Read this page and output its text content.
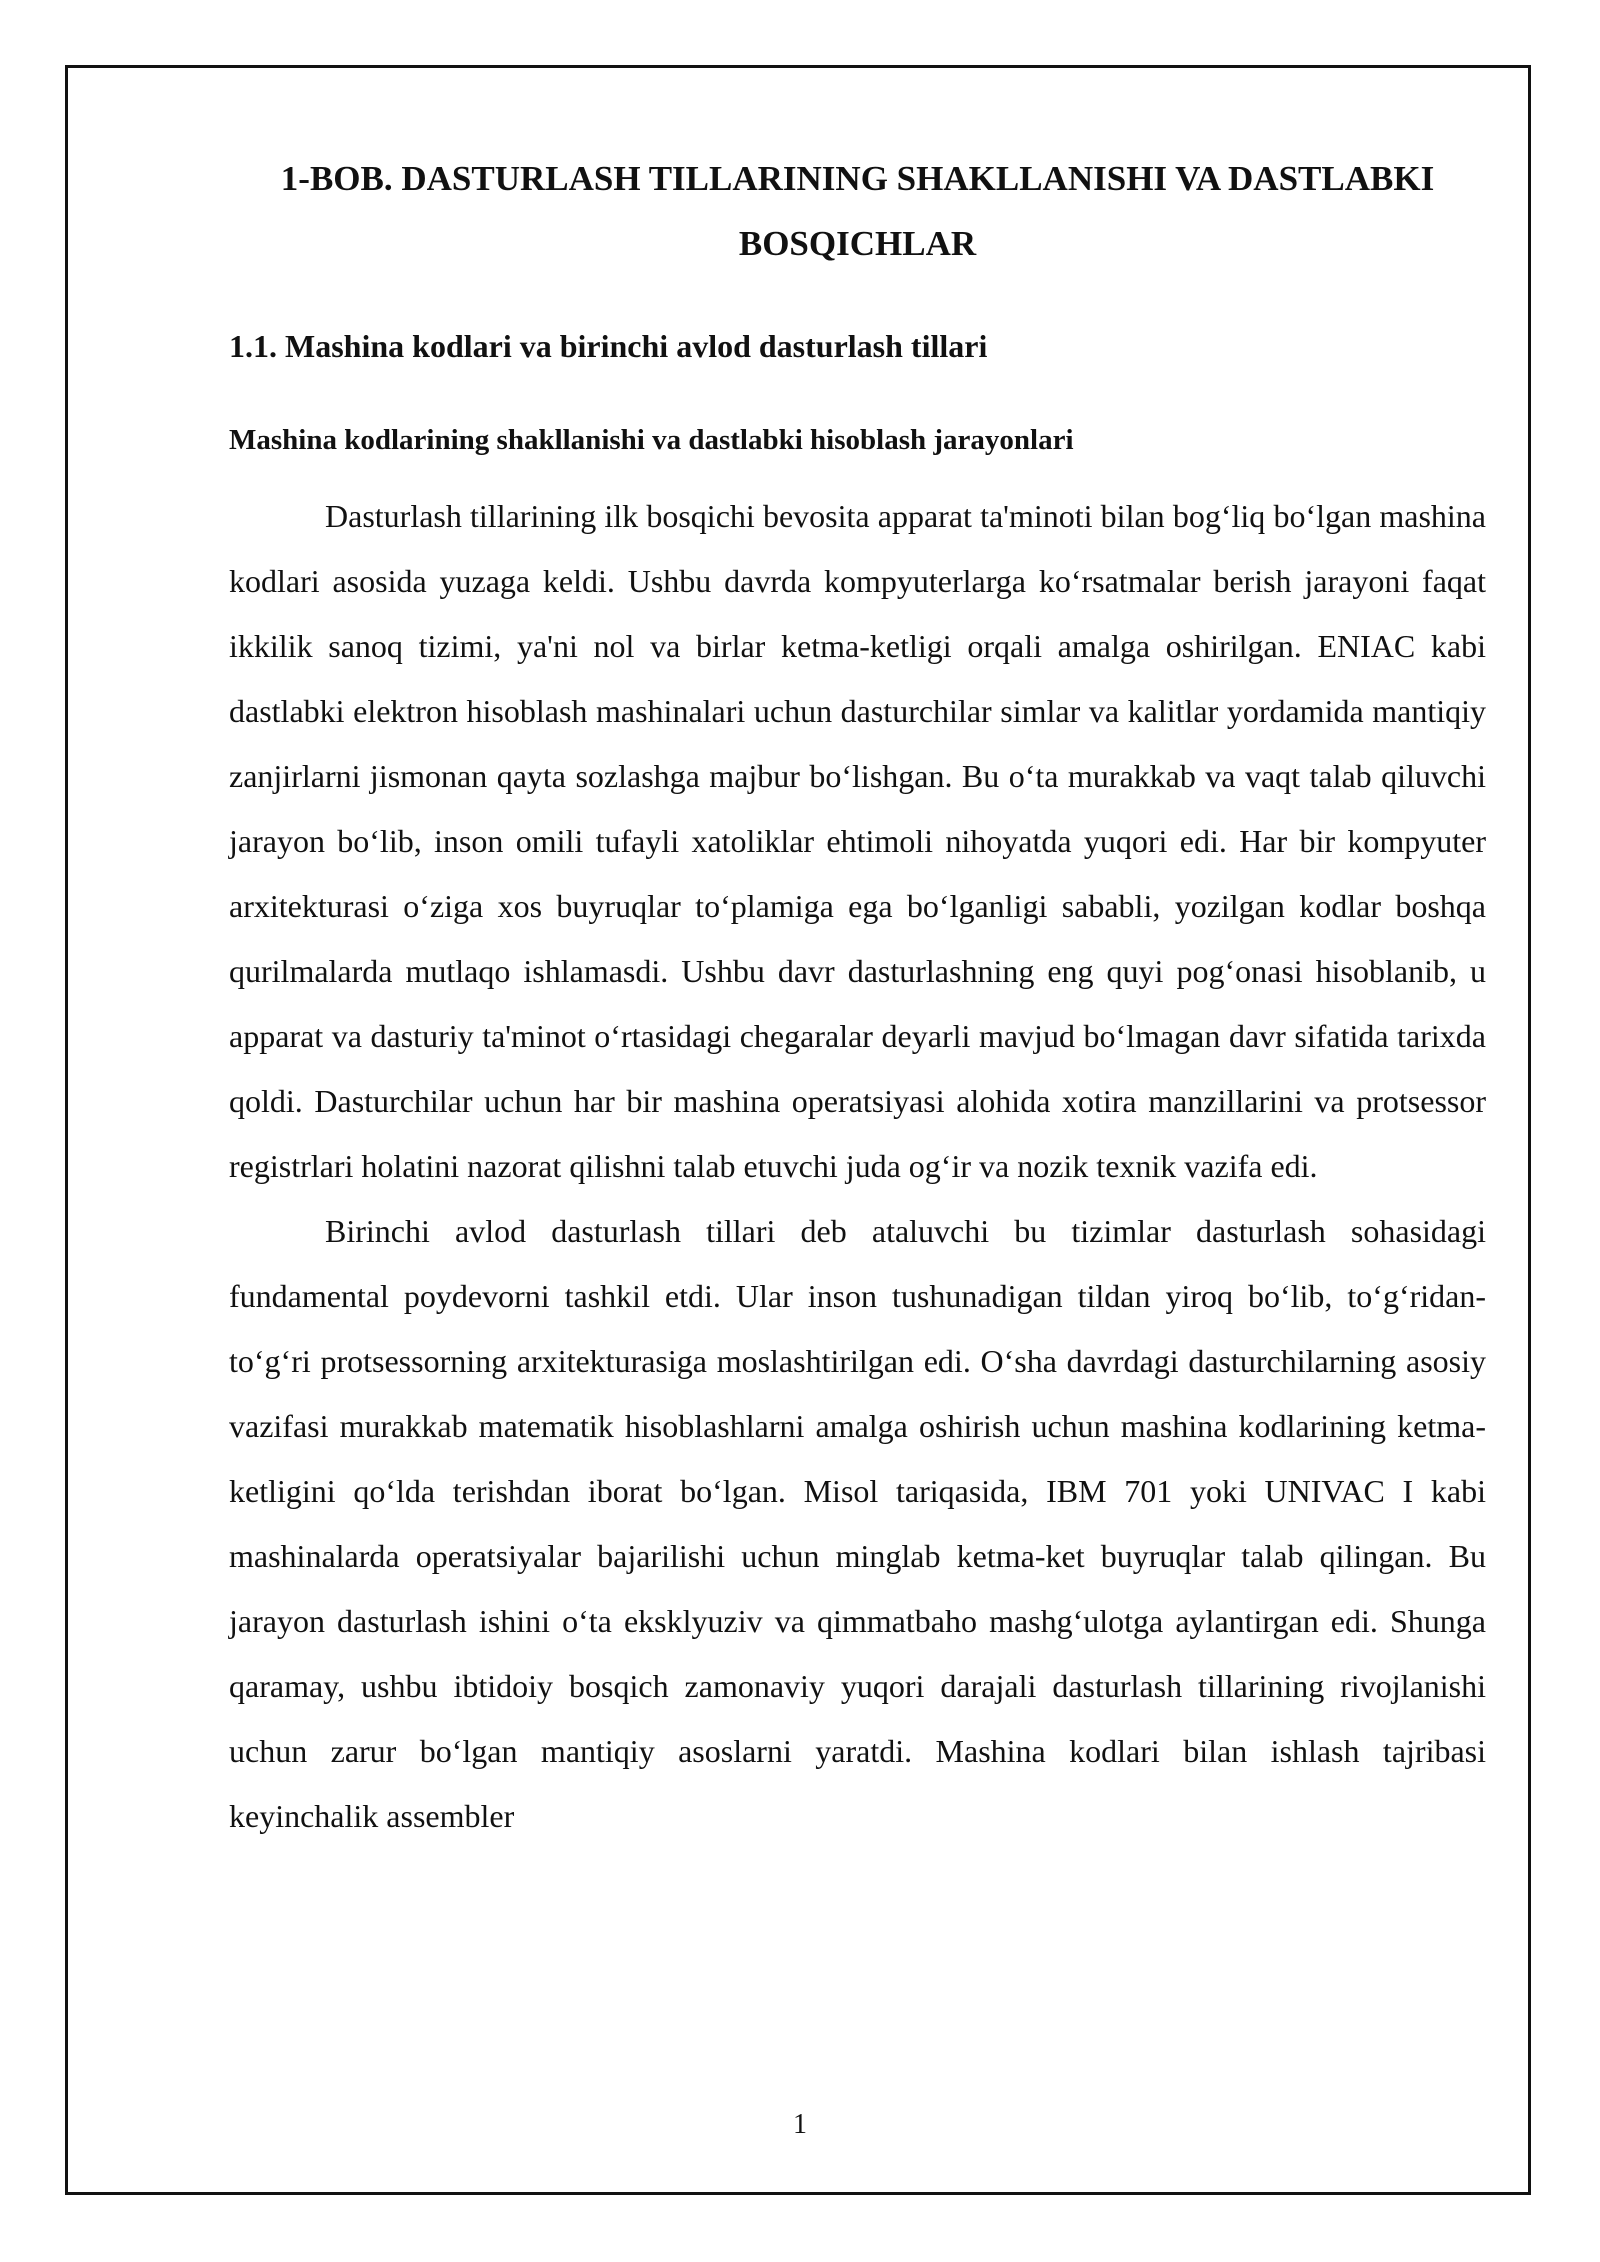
1-BOB. DASTURLASH TILLARINING SHAKLLANISHI VA DASTLABKI BOSQICHLAR
1.1. Mashina kodlari va birinchi avlod dasturlash tillari
Mashina kodlarining shakllanishi va dastlabki hisoblash jarayonlari

Dasturlash tillarining ilk bosqichi bevosita apparat ta'minoti bilan bog‘liq bo‘lgan mashina kodlari asosida yuzaga keldi. Ushbu davrda kompyuterlarga ko‘rsatmalar berish jarayoni faqat ikkilik sanoq tizimi, ya'ni nol va birlar ketma-ketligi orqali amalga oshirilgan. ENIAC kabi dastlabki elektron hisoblash mashinalari uchun dasturchilar simlar va kalitlar yordamida mantiqiy zanjirlarni jismonan qayta sozlashga majbur bo‘lishgan. Bu o‘ta murakkab va vaqt talab qiluvchi jarayon bo‘lib, inson omili tufayli xatoliklar ehtimoli nihoyatda yuqori edi. Har bir kompyuter arxitekturasi o‘ziga xos buyruqlar to‘plamiga ega bo‘lganligi sababli, yozilgan kodlar boshqa qurilmalarda mutlaqo ishlamasdi. Ushbu davr dasturlashning eng quyi pog‘onasi hisoblanib, u apparat va dasturiy ta'minot o‘rtasidagi chegaralar deyarli mavjud bo‘lmagan davr sifatida tarixda qoldi. Dasturchilar uchun har bir mashina operatsiyasi alohida xotira manzillarini va protsessor registrlari holatini nazorat qilishni talab etuvchi juda og‘ir va nozik texnik vazifa edi.

Birinchi avlod dasturlash tillari deb ataluvchi bu tizimlar dasturlash sohasidagi fundamental poydevorni tashkil etdi. Ular inson tushunadigan tildan yiroq bo‘lib, to‘g‘ridan-to‘g‘ri protsessorning arxitekturasiga moslashtirilgan edi. O‘sha davrdagi dasturchilarning asosiy vazifasi murakkab matematik hisoblashlarni amalga oshirish uchun mashina kodlarining ketma-ketligini qo‘lda terishdan iborat bo‘lgan. Misol tariqasida, IBM 701 yoki UNIVAC I kabi mashinalarda operatsiyalar bajarilishi uchun minglab ketma-ket buyruqlar talab qilingan. Bu jarayon dasturlash ishini o‘ta eksklyuziv va qimmatbaho mashg‘ulotga aylantirgan edi. Shunga qaramay, ushbu ibtidoiy bosqich zamonaviy yuqori darajali dasturlash tillarining rivojlanishi uchun zarur bo‘lgan mantiqiy asoslarni yaratdi. Mashina kodlari bilan ishlash tajribasi keyinchalik assembler

1
